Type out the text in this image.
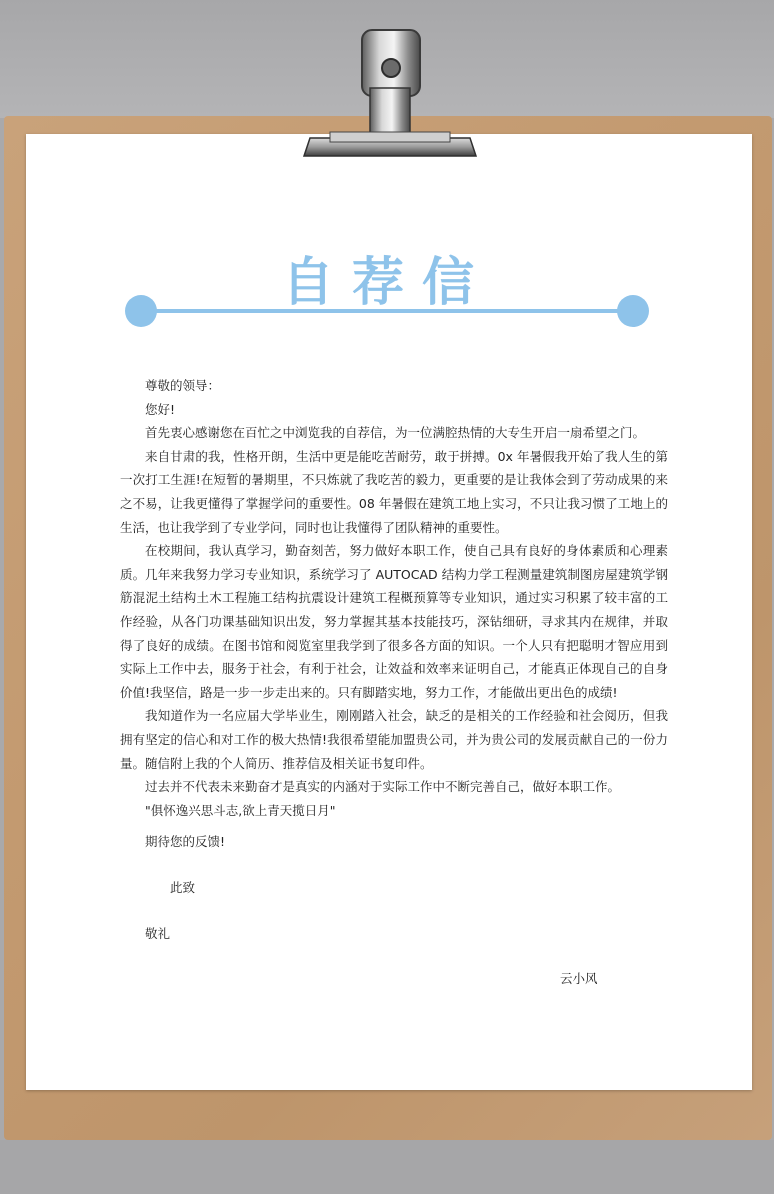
自荐信

尊敬的领导：

您好!

首先衷心感谢您在百忙之中浏览我的自荐信，为一位满腔热情的大专生开启一扇希望之门。

来自甘肃的我，性格开朗，生活中更是能吃苦耐劳，敢于拼搏。0x 年暑假我开始了我人生的第一次打工生涯!在短暂的暑期里，不只炼就了我吃苦的毅力，更重要的是让我体会到了劳动成果的来之不易，让我更懂得了掌握学问的重要性。08 年暑假在建筑工地上实习，不只让我习惯了工地上的生活，也让我学到了专业学问，同时也让我懂得了团队精神的重要性。

在校期间，我认真学习，勤奋刻苦，努力做好本职工作，使自己具有良好的身体素质和心理素质。几年来我努力学习专业知识，系统学习了 AUTOCAD 结构力学工程测量建筑制图房屋建筑学钢筋混泥土结构土木工程施工结构抗震设计建筑工程概预算等专业知识，通过实习积累了较丰富的工作经验，从各门功课基础知识出发，努力掌握其基本技能技巧，深钻细研，寻求其内在规律，并取得了良好的成绩。在图书馆和阅览室里我学到了很多各方面的知识。一个人只有把聪明才智应用到实际上工作中去，服务于社会，有利于社会，让效益和效率来证明自己，才能真正体现自己的自身价值!我坚信，路是一步一步走出来的。只有脚踏实地，努力工作，才能做出更出色的成绩!

我知道作为一名应届大学毕业生，刚刚踏入社会，缺乏的是相关的工作经验和社会阅历，但我拥有坚定的信心和对工作的极大热情!我很希望能加盟贵公司，并为贵公司的发展贡献自己的一份力量。随信附上我的个人简历、推荐信及相关证书复印件。

过去并不代表未来勤奋才是真实的内涵对于实际工作中不断完善自己，做好本职工作。

"俱怀逸兴思斗志,欲上青天揽日月"

期待您的反馈!
此致
敬礼
云小风
